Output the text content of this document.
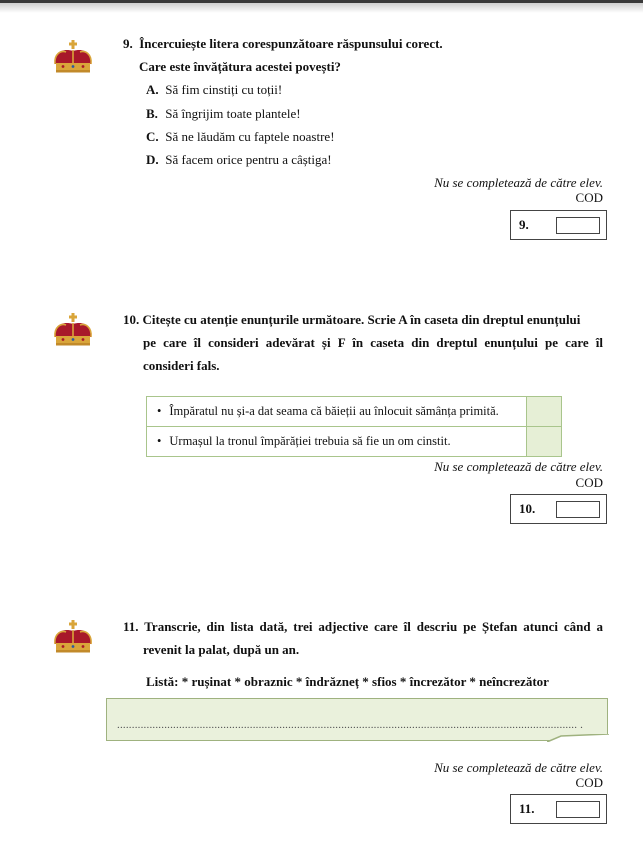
9. Încercuiește litera corespunzătoare răspunsului corect.
Care este învățătura acestei povești?
A. Să fim cinstiți cu toții!
B. Să îngrijim toate plantele!
C. Să ne lăudăm cu faptele noastre!
D. Să facem orice pentru a câștiga!
Nu se completează de către elev.
COD
9.
10. Citește cu atenție enunțurile următoare. Scrie A în caseta din dreptul enunțului
pe care îl consideri adevărat și F în caseta din dreptul enunțului pe care îl
consideri fals.
• Împăratul nu și-a dat seama că băieții au înlocuit sămânța primită.	
• Urmașul la tronul împărăției trebuia să fie un om cinstit.	
Nu se completează de către elev.
COD
10.
11. Transcrie, din lista dată, trei adjective care îl descriu pe Ștefan atunci când a
revenit la palat, după un an.
Listă: * rușinat * obraznic * îndrăzneț * sfios * încrezător * neîncrezător
............................................................................................................................................................ .
Nu se completează de către elev.
COD
11.
